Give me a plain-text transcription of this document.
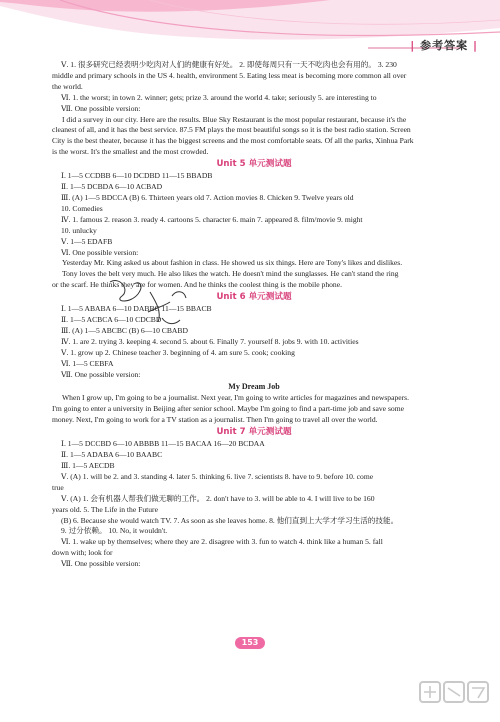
| 参考答案 |

Ⅴ. 1. 很多研究已经表明少吃肉对人们的健康有好处。 2. 即使每周只有一天不吃肉也会有用的。 3. 230

middle and primary schools in the US 4. health, environment 5. Eating less meat is becoming more common all over

the world.

Ⅵ. 1. the worst; in town 2. winner; gets; prize 3. around the world 4. take; seriously 5. are interesting to

Ⅶ. One possible version:

I did a survey in our city. Here are the results. Blue Sky Restaurant is the most popular restaurant, because it's the

cleanest of all, and it has the best service. 87.5 FM plays the most beautiful songs so it is the best radio station. Screen

City is the best theater, because it has the biggest screens and the most comfortable seats. Of all the parks, Xinhua Park

is the worst. It's the smallest and the most crowded.

Unit 5 单元测试题

Ⅰ. 1—5 CCDBB 6—10 DCDBD 11—15 BBADB

Ⅱ. 1—5 DCBDA 6—10 ACBAD

Ⅲ. (A) 1—5 BDCCA (B) 6. Thirteen years old 7. Action movies 8. Chicken 9. Twelve years old

10. Comedies

Ⅳ. 1. famous 2. reason 3. ready 4. cartoons 5. character 6. main 7. appeared 8. film/movie 9. might

10. unlucky

Ⅴ. 1—5 EDAFB

Ⅵ. One possible version:

Yesterday Mr. King asked us about fashion in class. He showed us six things. Here are Tony's likes and dislikes.

Tony loves the belt very much. He also likes the watch. He doesn't mind the sunglasses. He can't stand the ring

or the scarf. He thinks they are for women. And he thinks the coolest thing is the mobile phone.

Unit 6 单元测试题

Ⅰ. 1—5 ABABA 6—10 DABBC 11—15 BBACB

Ⅱ. 1—5 ACBCA 6—10 CDCBD

Ⅲ. (A) 1—5 ABCBC (B) 6—10 CBABD

Ⅳ. 1. are 2. trying 3. keeping 4. second 5. about 6. Finally 7. yourself 8. jobs 9. with 10. activities

Ⅴ. 1. grow up 2. Chinese teacher 3. beginning of 4. am sure 5. cook; cooking

Ⅵ. 1—5 CEBFA

Ⅶ. One possible version:

My Dream Job

When I grow up, I'm going to be a journalist. Next year, I'm going to write articles for magazines and newspapers.

I'm going to enter a university in Beijing after senior school. Maybe I'm going to find a part-time job and save some

money. Next, I'm going to work for a TV station as a journalist. Then I'm going to travel all over the world.

Unit 7 单元测试题

Ⅰ. 1—5 DCCBD 6—10 ABBBB 11—15 BACAA 16—20 BCDAA

Ⅱ. 1—5 ADABA 6—10 BAABC

Ⅲ. 1—5 AECDB

Ⅴ. (A) 1. will be 2. and 3. standing 4. later 5. thinking 6. live 7. scientists 8. have to 9. before 10. come

true

Ⅴ. (A) 1. 会有机器人帮我们做无聊的工作。 2. don't have to 3. will be able to 4. I will live to be 160

years old. 5. The Life in the Future

(B) 6. Because she would watch TV. 7. As soon as she leaves home. 8. 他们直到上大学才学习生活的技能。

9. 过分依赖。 10. No, it wouldn't.

Ⅵ. 1. wake up by themselves; where they are 2. disagree with 3. fun to watch 4. think like a human 5. fall

down with; look for

Ⅶ. One possible version:

153
